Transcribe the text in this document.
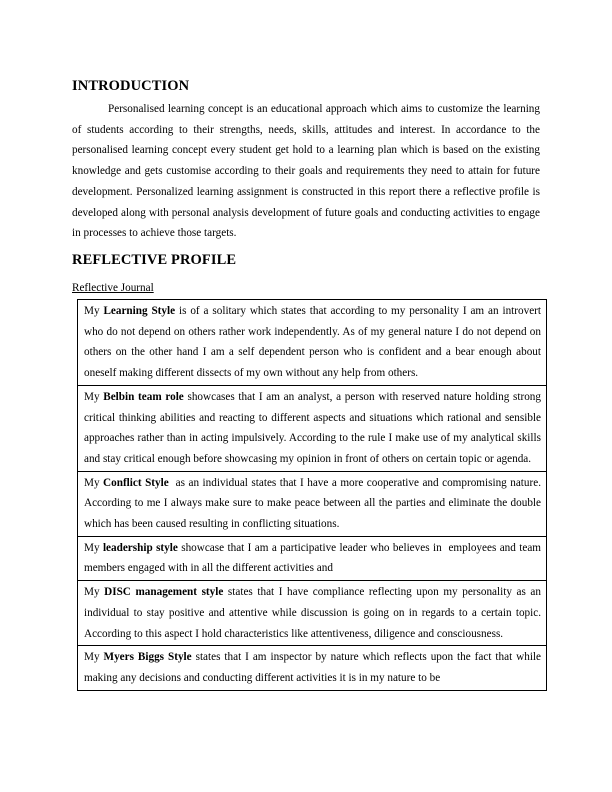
INTRODUCTION

Personalised learning concept is an educational approach which aims to customize the learning of students according to their strengths, needs, skills, attitudes and interest. In accordance to the personalised learning concept every student get hold to a learning plan which is based on the existing knowledge and gets customise according to their goals and requirements they need to attain for future development. Personalized learning assignment is constructed in this report there a reflective profile is developed along with personal analysis development of future goals and conducting activities to engage in processes to achieve those targets.

REFLECTIVE PROFILE

Reflective Journal

My Learning Style is of a solitary which states that according to my personality I am an introvert who do not depend on others rather work independently. As of my general nature I do not depend on others on the other hand I am a self dependent person who is confident and a bear enough about oneself making different dissects of my own without any help from others.
My Belbin team role showcases that I am an analyst, a person with reserved nature holding strong critical thinking abilities and reacting to different aspects and situations which rational and sensible approaches rather than in acting impulsively. According to the rule I make use of my analytical skills and stay critical enough before showcasing my opinion in front of others on certain topic or agenda.
My Conflict Style  as an individual states that I have a more cooperative and compromising nature. According to me I always make sure to make peace between all the parties and eliminate the double which has been caused resulting in conflicting situations.
My leadership style showcase that I am a participative leader who believes in  employees and team members engaged with in all the different activities and
My DISC management style states that I have compliance reflecting upon my personality as an individual to stay positive and attentive while discussion is going on in regards to a certain topic. According to this aspect I hold characteristics like attentiveness, diligence and consciousness.
My Myers Biggs Style states that I am inspector by nature which reflects upon the fact that while making any decisions and conducting different activities it is in my nature to be
